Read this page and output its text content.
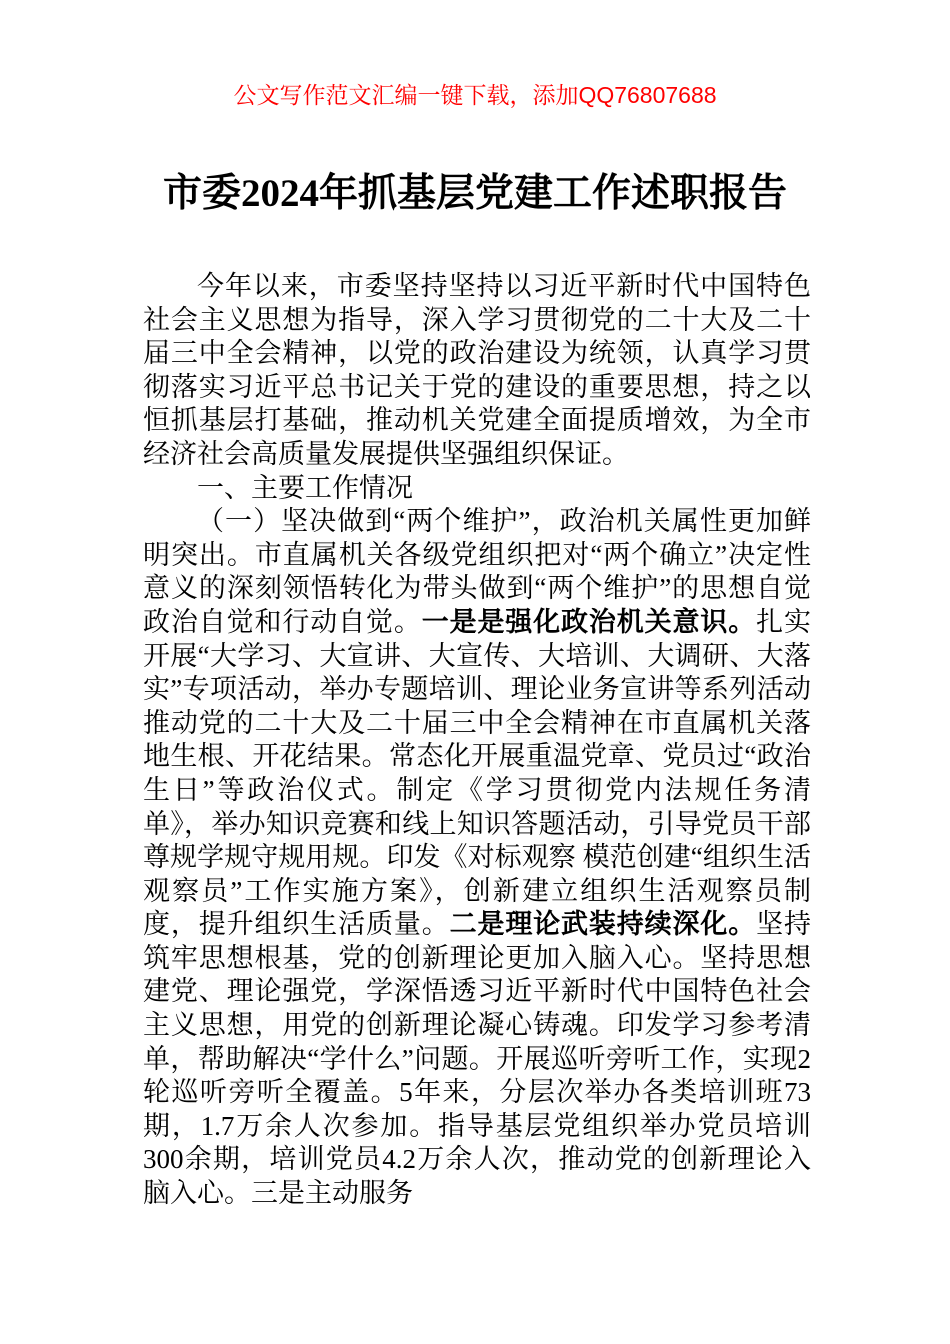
公文写作范文汇编一键下载，添加QQ76807688
市委2024年抓基层党建工作述职报告

今年以来，市委坚持坚持以习近平新时代中国特色社会主义思想为指导，深入学习贯彻党的二十大及二十届三中全会精神，以党的政治建设为统领，认真学习贯彻落实习近平总书记关于党的建设的重要思想，持之以恒抓基层打基础，推动机关党建全面提质增效，为全市经济社会高质量发展提供坚强组织保证。

一、主要工作情况

（一）坚决做到“两个维护”，政治机关属性更加鲜明突出。市直属机关各级党组织把对“两个确立”决定性意义的深刻领悟转化为带头做到“两个维护”的思想自觉政治自觉和行动自觉。一是是强化政治机关意识。扎实开展“大学习、大宣讲、大宣传、大培训、大调研、大落实”专项活动，举办专题培训、理论业务宣讲等系列活动推动党的二十大及二十届三中全会精神在市直属机关落地生根、开花结果。常态化开展重温党章、党员过“政治生日”等政治仪式。制定《学习贯彻党内法规任务清单》，举办知识竞赛和线上知识答题活动，引导党员干部尊规学规守规用规。印发《对标观察 模范创建“组织生活观察员”工作实施方案》，创新建立组织生活观察员制度，提升组织生活质量。二是理论武装持续深化。坚持筑牢思想根基，党的创新理论更加入脑入心。坚持思想建党、理论强党，学深悟透习近平新时代中国特色社会主义思想，用党的创新理论凝心铸魂。印发学习参考清单，帮助解决“学什么”问题。开展巡听旁听工作，实现2轮巡听旁听全覆盖。5年来，分层次举办各类培训班73期，1.7万余人次参加。指导基层党组织举办党员培训300余期，培训党员4.2万余人次，推动党的创新理论入脑入心。三是主动服务
